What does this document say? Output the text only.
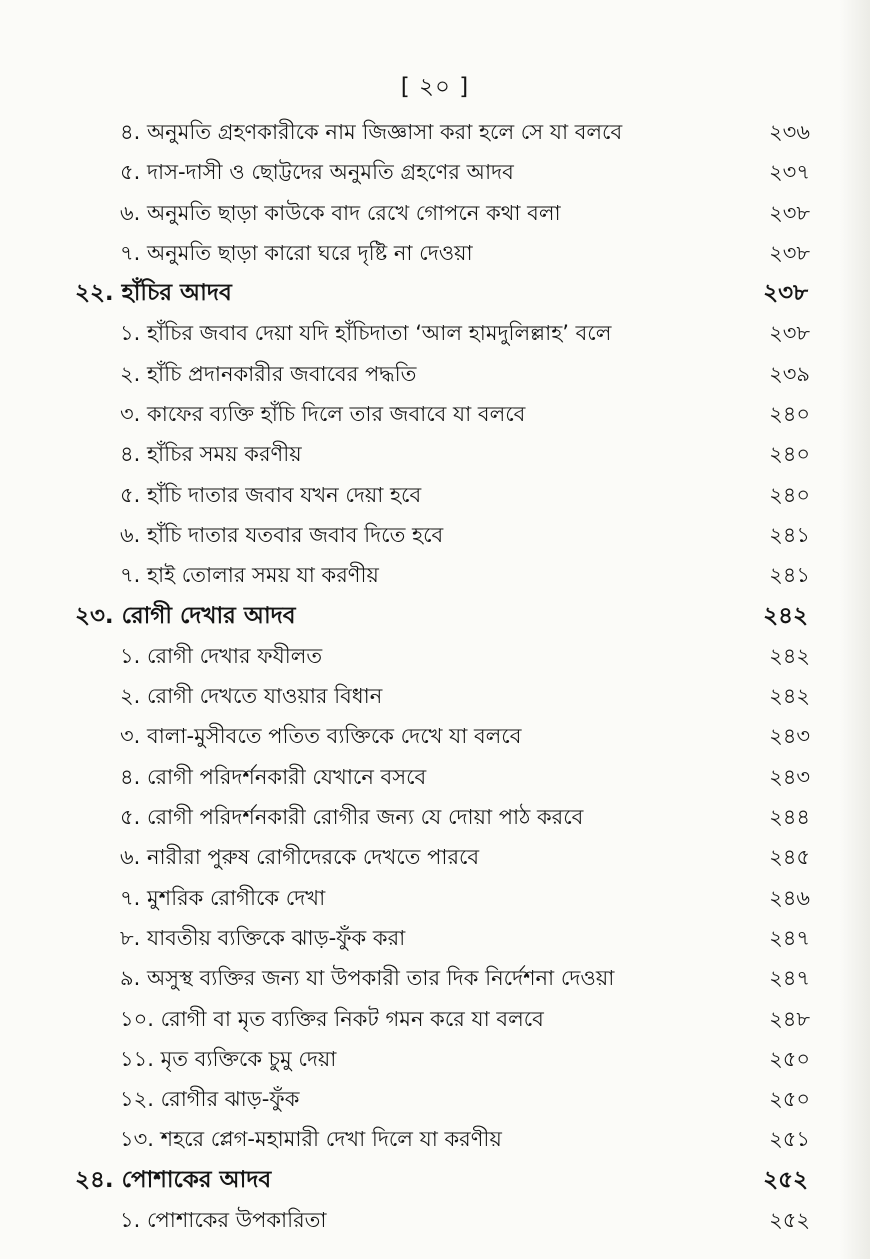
[ ২০ ]
৪. অনুমতি গ্রহণকারীকে নাম জিজ্ঞাসা করা হলে সে যা বলবে	২৩৬
৫. দাস-দাসী ও ছোট্টদের অনুমতি গ্রহণের আদব	২৩৭
৬. অনুমতি ছাড়া কাউকে বাদ রেখে গোপনে কথা বলা	২৩৮
৭. অনুমতি ছাড়া কারো ঘরে দৃষ্টি না দেওয়া	২৩৮
২২. হাঁচির আদব	২৩৮
১. হাঁচির জবাব দেয়া যদি হাঁচিদাতা ‘আল হামদুলিল্লাহ’ বলে	২৩৮
২. হাঁচি প্রদানকারীর জবাবের পদ্ধতি	২৩৯
৩. কাফের ব্যক্তি হাঁচি দিলে তার জবাবে যা বলবে	২৪০
৪. হাঁচির সময় করণীয়	২৪০
৫. হাঁচি দাতার জবাব যখন দেয়া হবে	২৪০
৬. হাঁচি দাতার যতবার জবাব দিতে হবে	২৪১
৭. হাই তোলার সময় যা করণীয়	২৪১
২৩. রোগী দেখার আদব	২৪২
১. রোগী দেখার ফযীলত	২৪২
২. রোগী দেখতে যাওয়ার বিধান	২৪২
৩. বালা-মুসীবতে পতিত ব্যক্তিকে দেখে যা বলবে	২৪৩
৪. রোগী পরিদর্শনকারী যেখানে বসবে	২৪৩
৫. রোগী পরিদর্শনকারী রোগীর জন্য যে দোয়া পাঠ করবে	২৪৪
৬. নারীরা পুরুষ রোগীদেরকে দেখতে পারবে	২৪৫
৭. মুশরিক রোগীকে দেখা	২৪৬
৮. যাবতীয় ব্যক্তিকে ঝাড়-ফুঁক করা	২৪৭
৯. অসুস্থ ব্যক্তির জন্য যা উপকারী তার দিক নির্দেশনা দেওয়া	২৪৭
১০. রোগী বা মৃত ব্যক্তির নিকট গমন করে যা বলবে	২৪৮
১১. মৃত ব্যক্তিকে চুমু দেয়া	২৫০
১২. রোগীর ঝাড়-ফুঁক	২৫০
১৩. শহরে প্লেগ-মহামারী দেখা দিলে যা করণীয়	২৫১
২৪. পোশাকের আদব	২৫২
১. পোশাকের উপকারিতা	২৫২
